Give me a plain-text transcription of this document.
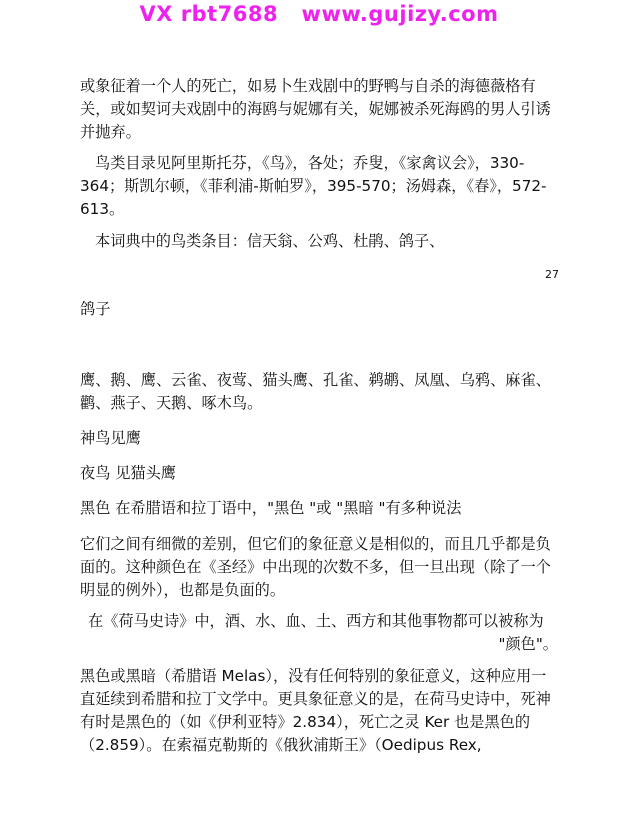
VX rbt7688   www.gujizy.com

或象征着一个人的死亡，如易卜生戏剧中的野鸭与自杀的海德薇格有关，或如契诃夫戏剧中的海鸥与妮娜有关，妮娜被杀死海鸥的男人引诱并抛弃。

鸟类目录见阿里斯托芬，《鸟》，各处；乔叟，《家禽议会》，330-364；斯凯尔顿，《菲利浦-斯帕罗》，395-570；汤姆森，《春》，572-613。

本词典中的鸟类条目：信天翁、公鸡、杜鹃、鸽子、

27

鸽子

鹰、鹅、鹰、云雀、夜莺、猫头鹰、孔雀、鹈鹕、凤凰、乌鸦、麻雀、鹳、燕子、天鹅、啄木鸟。

神鸟见鹰

夜鸟 见猫头鹰

黑色 在希腊语和拉丁语中，"黑色 "或 "黑暗 "有多种说法

它们之间有细微的差别，但它们的象征意义是相似的，而且几乎都是负面的。这种颜色在《圣经》中出现的次数不多，但一旦出现（除了一个明显的例外），也都是负面的。

在《荷马史诗》中，酒、水、血、土、西方和其他事物都可以被称为
"颜色"。

黑色或黑暗（希腊语 Melas），没有任何特别的象征意义，这种应用一直延续到希腊和拉丁文学中。更具象征意义的是，在荷马史诗中，死神有时是黑色的（如《伊利亚特》2.834），死亡之灵 Ker 也是黑色的（2.859）。在索福克勒斯的《俄狄浦斯王》（Oedipus Rex,
